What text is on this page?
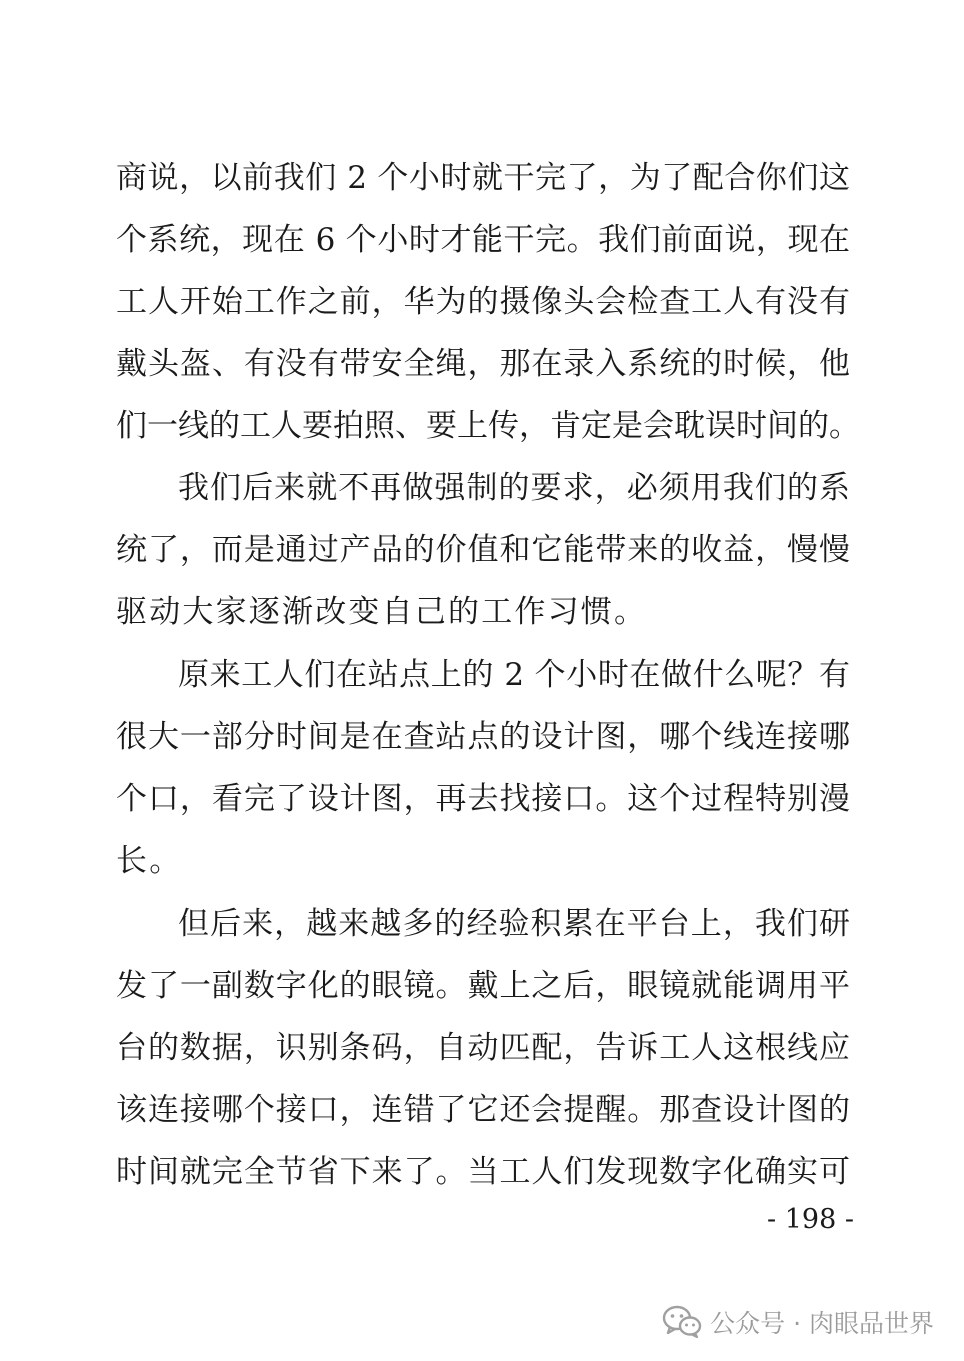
商说，以前我们 2 个小时就干完了，为了配合你们这
个系统，现在 6 个小时才能干完。我们前面说，现在
工人开始工作之前，华为的摄像头会检查工人有没有
戴头盔、有没有带安全绳，那在录入系统的时候，他
们一线的工人要拍照、要上传，肯定是会耽误时间的。
我们后来就不再做强制的要求，必须用我们的系
统了，而是通过产品的价值和它能带来的收益，慢慢
驱动大家逐渐改变自己的工作习惯。
原来工人们在站点上的 2 个小时在做什么呢？有
很大一部分时间是在查站点的设计图，哪个线连接哪
个口，看完了设计图，再去找接口。这个过程特别漫
长。
但后来，越来越多的经验积累在平台上，我们研
发了一副数字化的眼镜。戴上之后，眼镜就能调用平
台的数据，识别条码，自动匹配，告诉工人这根线应
该连接哪个接口，连错了它还会提醒。那查设计图的
时间就完全节省下来了。当工人们发现数字化确实可
- 198 -
公众号 · 肉眼品世界
